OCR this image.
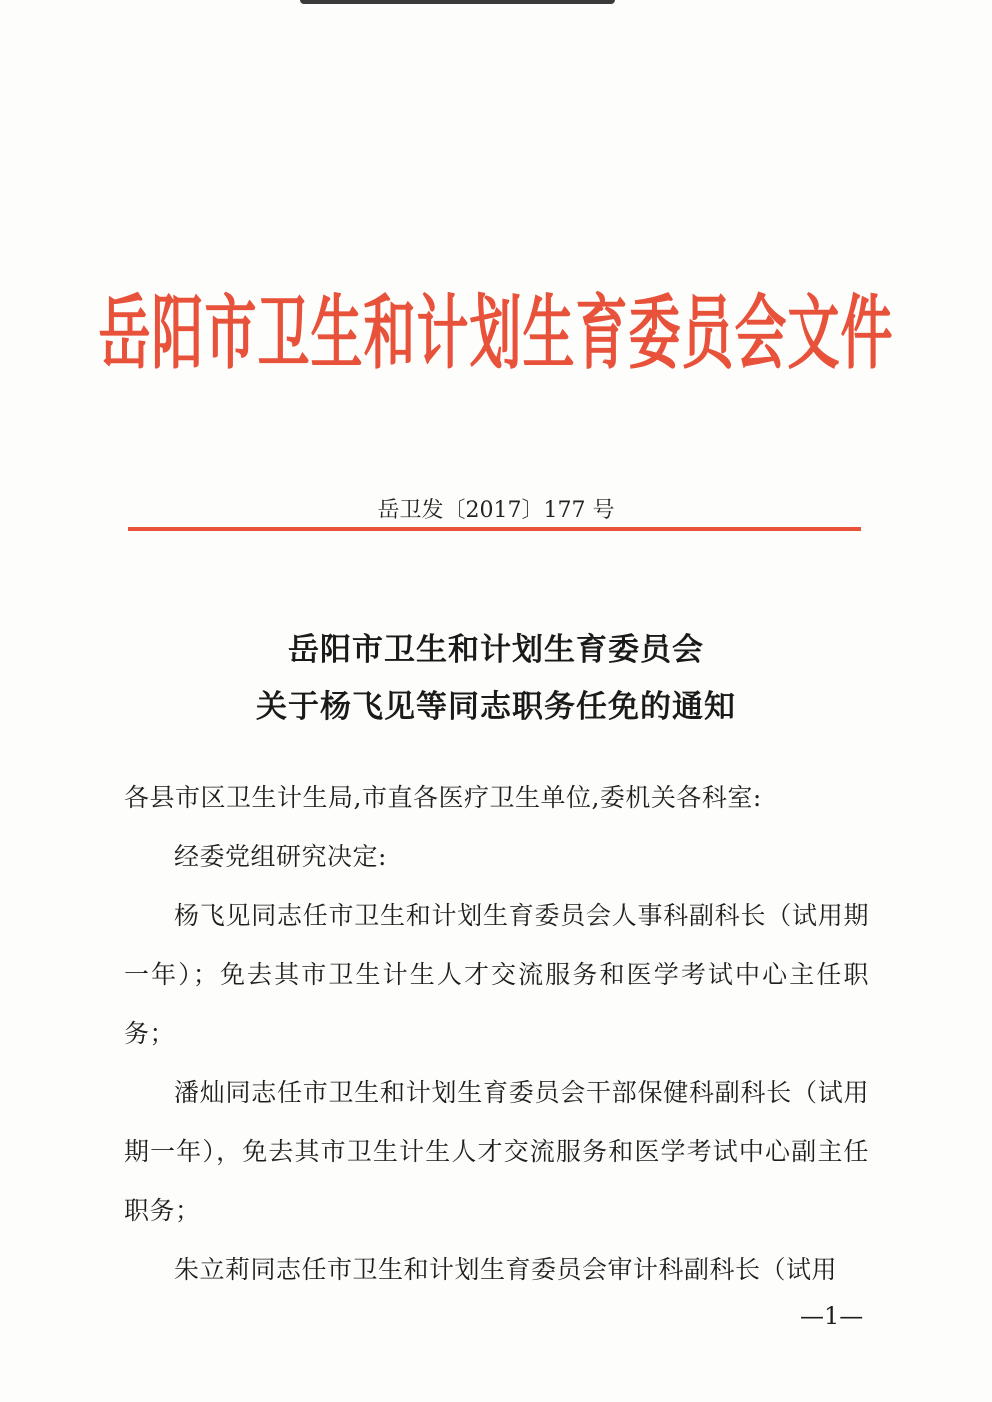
岳阳市卫生和计划生育委员会文件
岳卫发〔2017〕177 号
岳阳市卫生和计划生育委员会
关于杨飞见等同志职务任免的通知

各县市区卫生计生局,市直各医疗卫生单位,委机关各科室:

经委党组研究决定:

杨飞见同志任市卫生和计划生育委员会人事科副科长（试用期一年）；免去其市卫生计生人才交流服务和医学考试中心主任职务；

潘灿同志任市卫生和计划生育委员会干部保健科副科长（试用期一年），免去其市卫生计生人才交流服务和医学考试中心副主任职务；

朱立莉同志任市卫生和计划生育委员会审计科副科长（试用

—1—
